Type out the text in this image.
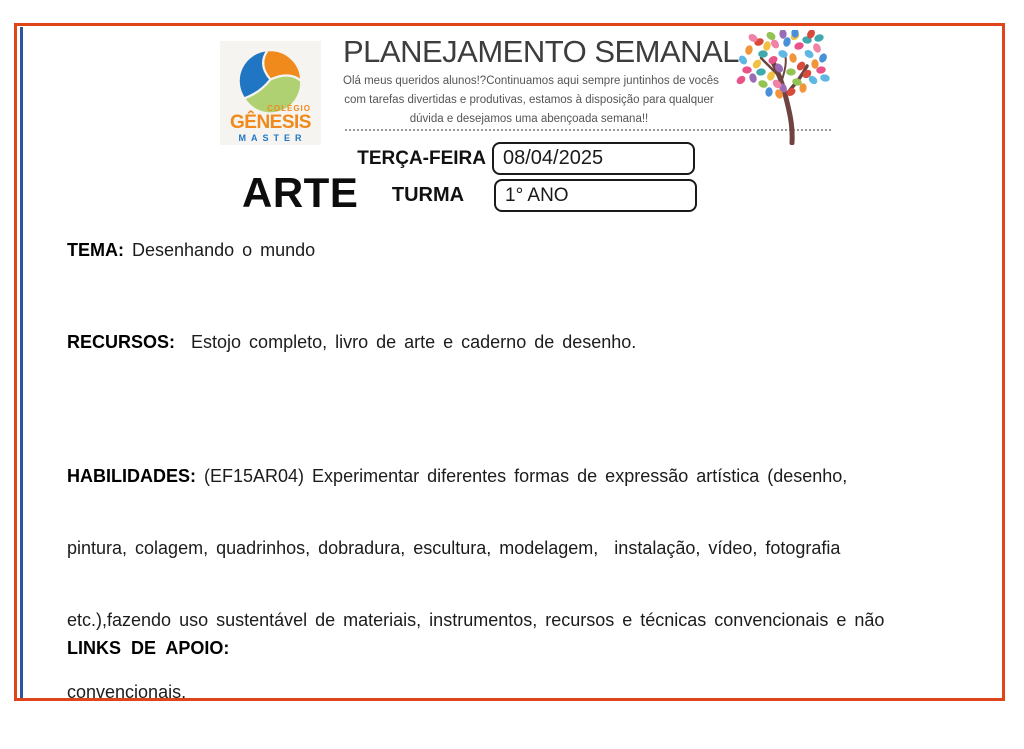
COLÉGIO
GÊNESIS
MASTER
PLANEJAMENTO SEMANAL
Olá meus queridos alunos!?Continuamos aqui sempre juntinhos de vocês
com tarefas divertidas e produtivas, estamos à disposição para qualquer
dúvida e desejamos uma abençoada semana!!
TERÇA-FEIRA 08/04/2025
ARTE	TURMA	1° ANO
TEMA: Desenhando o mundo
RECURSOS: Estojo completo, livro de arte e caderno de desenho.

HABILIDADES: (EF15AR04) Experimentar diferentes formas de expressão artística (desenho,

pintura, colagem, quadrinhos, dobradura, escultura, modelagem,  instalação, vídeo, fotografia

etc.),fazendo uso sustentável de materiais, instrumentos, recursos e técnicas convencionais e não

convencionais.

LINKS DE APOIO:
